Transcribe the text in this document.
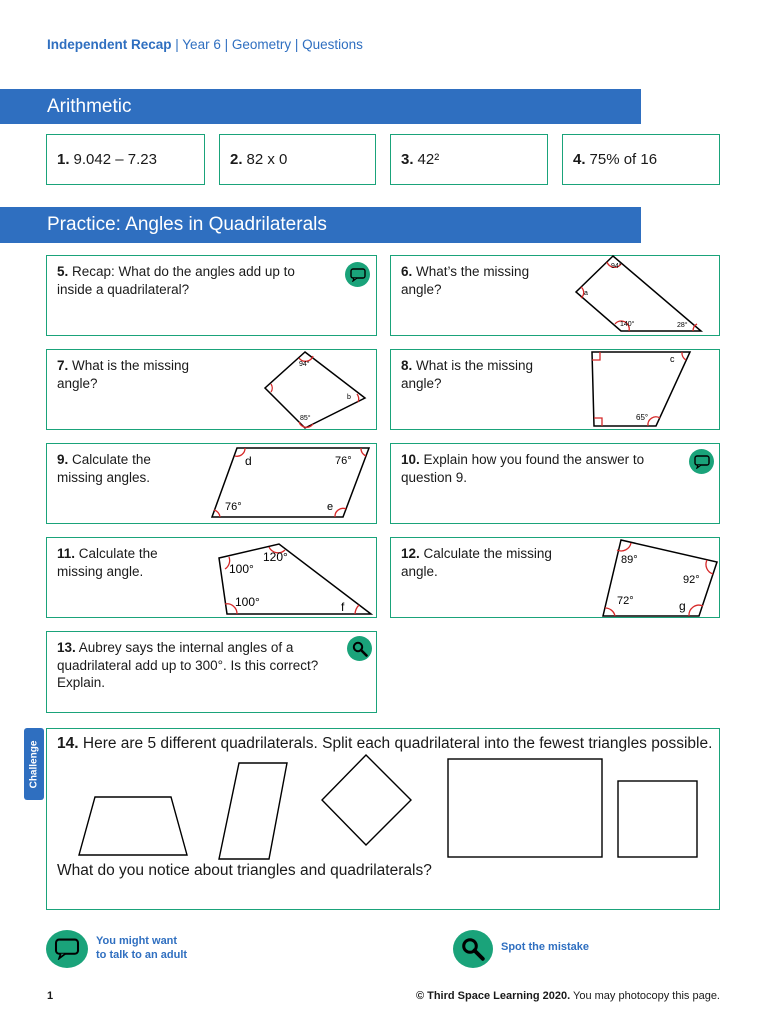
Independent Recap | Year 6 | Geometry | Questions
Arithmetic
1. 9.042 – 7.23	2. 82 x 0	3. 42²	4. 75% of 16
Practice: Angles in Quadrilaterals
5. Recap: What do the angles add up to inside a quadrilateral?
6. What’s the missing angle?
94°
a
140°	28°
7. What is the missing angle?
94°
b
85°
8. What is the missing angle?
c
65°
9. Calculate the missing angles.
d	76°
76°	e
10. Explain how you found the answer to question 9.
11. Calculate the missing angle.
120°
100°
100°	f
12. Calculate the missing angle.
89°
92°
72°	g
13. Aubrey says the internal angles of a quadrilateral add up to 300°. Is this correct? Explain.
Challenge 14. Here are 5 different quadrilaterals. Split each quadrilateral into the fewest triangles possible.
What do you notice about triangles and quadrilaterals?
You might want
to talk to an adult
Spot the mistake
1	© Third Space Learning 2020. You may photocopy this page.
